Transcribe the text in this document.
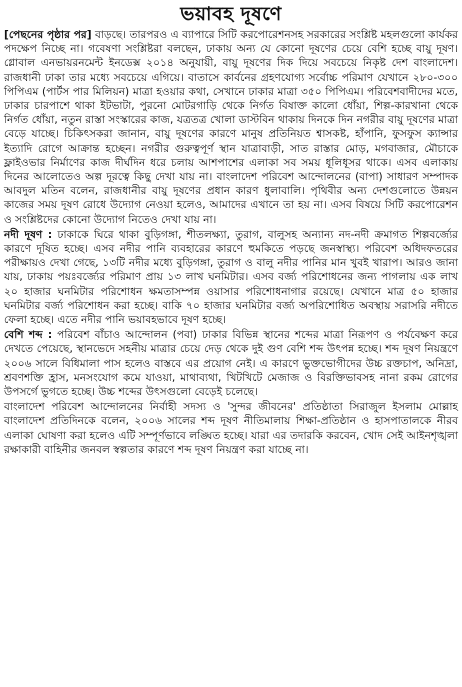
ভয়াবহ দূষণে

[পেছনের পৃষ্ঠার পর] বাড়ছে। তারপরও এ ব্যাপারে সিটি করপোরেশনসহ সরকারের সংশ্লিষ্ট মহলগুলো কার্যকর পদক্ষেপ নিচ্ছে না। গবেষণা সংশ্লিষ্টরা বলছেন, ঢাকায় অন্য যে কোনো দূষণের চেয়ে বেশি হচ্ছে বায়ু দূষণ। গ্লোবাল এনভায়রনমেন্ট ইনডেক্স ২০১৪ অনুযায়ী, বায়ু দূষণের দিক দিয়ে সবচেয়ে নিকৃষ্ট দেশ বাংলাদেশ। রাজধানী ঢাকা তার মধ্যে সবচেয়ে এগিয়ে। বাতাসে কার্বনের গ্রহণযোগ্য সর্বোচ্চ পরিমাণ যেখানে ২৮০-৩০০ পিপিএম (পার্টস পার মিলিয়ন) মাত্রা হওয়ার কথা, সেখানে ঢাকার মাত্রা ৩৫০ পিপিএম। পরিবেশবাদীদের মতে, ঢাকার চারপাশে থাকা ইটভাটা, পুরনো মোটরগাড়ি থেকে নির্গত বিষাক্ত কালো ধোঁয়া, শিল্প-কারখানা থেকে নির্গত ধোঁয়া, নতুন রাস্তা সংস্কারের কাজ, যত্রতত্র খোলা ডাস্টবিন থাকায় দিনকে দিন নগরীর বায়ু দূষণের মাত্রা বেড়ে যাচ্ছে। চিকিৎসকরা জানান, বায়ু দূষণের কারণে মানুষ প্রতিনিয়ত শ্বাসকষ্ট, হাঁপানি, ফুসফুস ক্যান্সার ইত্যাদি রোগে আক্রান্ত হচ্ছেন। নগরীর গুরুত্বপূর্ণ স্থান যাত্রাবাড়ী, সাত রাস্তার মোড়, মগবাজার, মৌচাকে ফ্লাইওভার নির্মাণের কাজ দীর্ঘদিন ধরে চলায় আশপাশের এলাকা সব সময় ধূলিধূসর থাকে। এসব এলাকায় দিনের আলোতেও অল্প দূরত্বে কিছু দেখা যায় না। বাংলাদেশ পরিবেশ আন্দোলনের (বাপা) সাধারণ সম্পাদক আবদুল মতিন বলেন, রাজধানীর বায়ু দূষণের প্রধান কারণ ধুলাবালি। পৃথিবীর অন্য দেশগুলোতে উন্নয়ন কাজের সময় দূষণ রোধে উদ্যোগ নেওয়া হলেও, আমাদের এখানে তা হয় না। এসব বিষয়ে সিটি করপোরেশন ও সংশ্লিষ্টদের কোনো উদ্যোগ নিতেও দেখা যায় না।

নদী দূষণ : ঢাকাকে ঘিরে থাকা বুড়িগঙ্গা, শীতলক্ষ্যা, তুরাগ, বালুসহ অন্যান্য নদ-নদী ক্রমাগত শিল্পবর্জ্যের কারণে দূষিত হচ্ছে। এসব নদীর পানি ব্যবহারের কারণে হুমকিতে পড়ছে জনস্বাস্থ্য। পরিবেশ অধিদফতরের পরীক্ষায়ও দেখা গেছে, ১৩টি নদীর মধ্যে বুড়িগঙ্গা, তুরাগ ও বালু নদীর পানির মান খুবই খারাপ। আরও জানা যায়, ঢাকায় পয়ঃবর্জ্যের পরিমাণ প্রায় ১৩ লাখ ঘনমিটার। এসব বর্জ্য পরিশোধনের জন্য পাগলায় এক লাখ ২০ হাজার ঘনমিটার পরিশোধন ক্ষমতাসম্পন্ন ওয়াসার পরিশোধনাগার রয়েছে। যেখানে মাত্র ৫০ হাজার ঘনমিটার বর্জ্য পরিশোধন করা হচ্ছে। বাকি ৭০ হাজার ঘনমিটার বর্জ্য অপরিশোধিত অবস্থায় সরাসরি নদীতে ফেলা হচ্ছে। এতে নদীর পানি ভয়াবহভাবে দূষণ হচ্ছে।

বেশি শব্দ : পরিবেশ বাঁচাও আন্দোলন (পবা) ঢাকার বিভিন্ন স্থানের শব্দের মাত্রা নিরূপণ ও পর্যবেক্ষণ করে দেখতে পেয়েছে, স্থানভেদে সহনীয় মাত্রার চেয়ে দেড় থেকে দুই গুণ বেশি শব্দ উৎপন্ন হচ্ছে। শব্দ দূষণ নিয়ন্ত্রণে ২০০৬ সালে বিধিমালা পাস হলেও বাস্তবে এর প্রয়োগ নেই। এ কারণে ভুক্তভোগীদের উচ্চ রক্তচাপ, অনিদ্রা, শ্রবণশক্তি হ্রাস, মনসংযোগ কমে যাওয়া, মাথাব্যথা, খিটখিটে মেজাজ ও বিরক্তিভাবসহ নানা রকম রোগের উপসর্গে ভুগতে হচ্ছে। উচ্চ শব্দের উৎসগুলো বেড়েই চলেছে।

বাংলাদেশ পরিবেশ আন্দোলনের নির্বাহী সদস্য ও 'সুন্দর জীবনের' প্রতিষ্ঠাতা সিরাজুল ইসলাম মোল্লাহ বাংলাদেশ প্রতিদিনকে বলেন, ২০০৬ সালের শব্দ দূষণ নীতিমালায় শিক্ষা-প্রতিষ্ঠান ও হাসপাতালকে নীরব এলাকা ঘোষণা করা হলেও এটি সম্পূর্ণভাবে লঙ্ঘিত হচ্ছে। যারা এর তদারকি করবেন, খোদ সেই আইনশৃঙ্খলা রক্ষাকারী বাহিনীর জনবল স্বল্পতার কারণে শব্দ দূষণ নিয়ন্ত্রণ করা যাচ্ছে না।
